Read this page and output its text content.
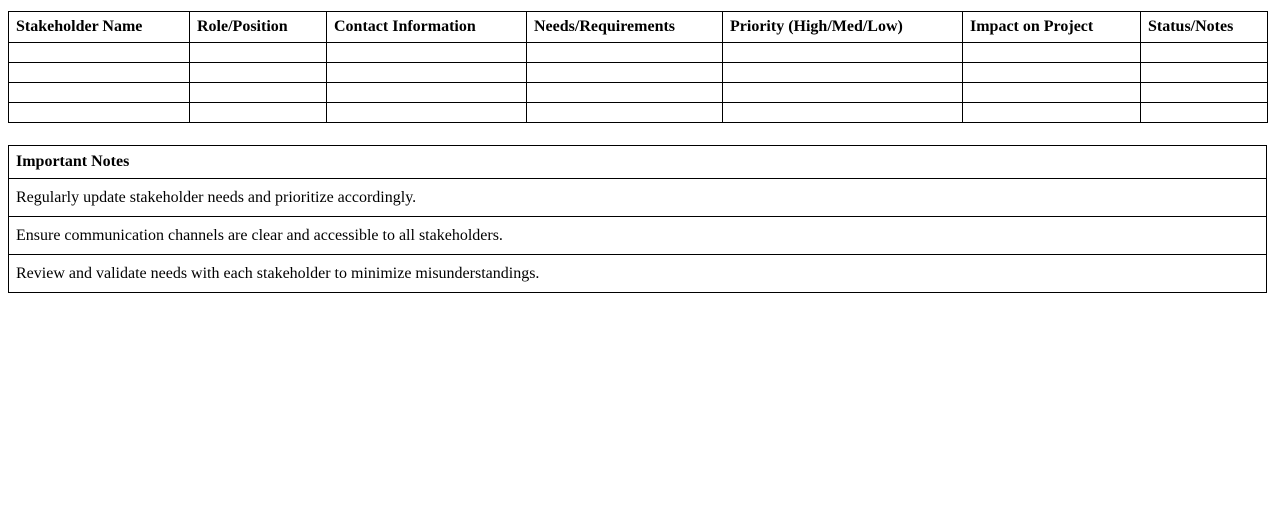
Stakeholder Name	Role/Position	Contact Information	Needs/Requirements	Priority (High/Med/Low)	Impact on Project	Status/Notes

Important Notes
Regularly update stakeholder needs and prioritize accordingly.
Ensure communication channels are clear and accessible to all stakeholders.
Review and validate needs with each stakeholder to minimize misunderstandings.
